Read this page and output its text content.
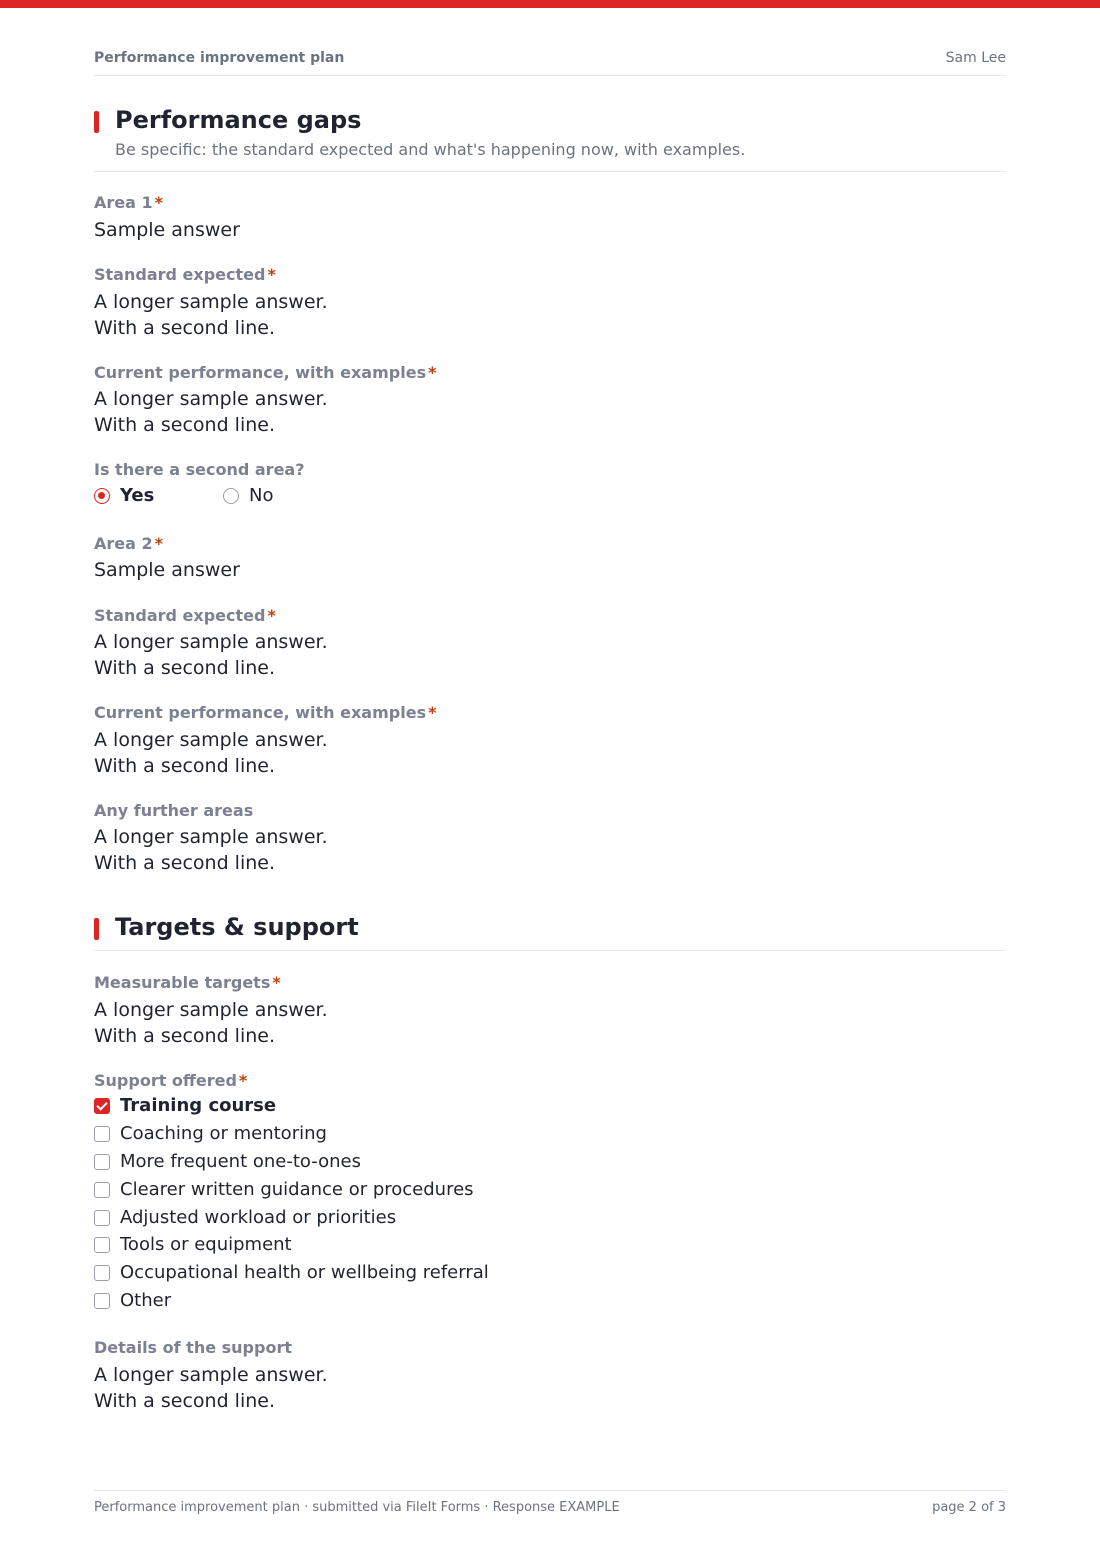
Performance improvement plan	Sam Lee
Performance gaps
Be specific: the standard expected and what's happening now, with examples.
Area 1 *
Sample answer
Standard expected *
A longer sample answer.
With a second line.
Current performance, with examples *
A longer sample answer.
With a second line.
Is there a second area?
Yes	No
Area 2 *
Sample answer
Standard expected *
A longer sample answer.
With a second line.
Current performance, with examples *
A longer sample answer.
With a second line.
Any further areas
A longer sample answer.
With a second line.
Targets & support
Measurable targets *
A longer sample answer.
With a second line.
Support offered *
Training course
Coaching or mentoring
More frequent one-to-ones
Clearer written guidance or procedures
Adjusted workload or priorities
Tools or equipment
Occupational health or wellbeing referral
Other
Details of the support
A longer sample answer.
With a second line.
Performance improvement plan · submitted via FileIt Forms · Response EXAMPLE	page 2 of 3
